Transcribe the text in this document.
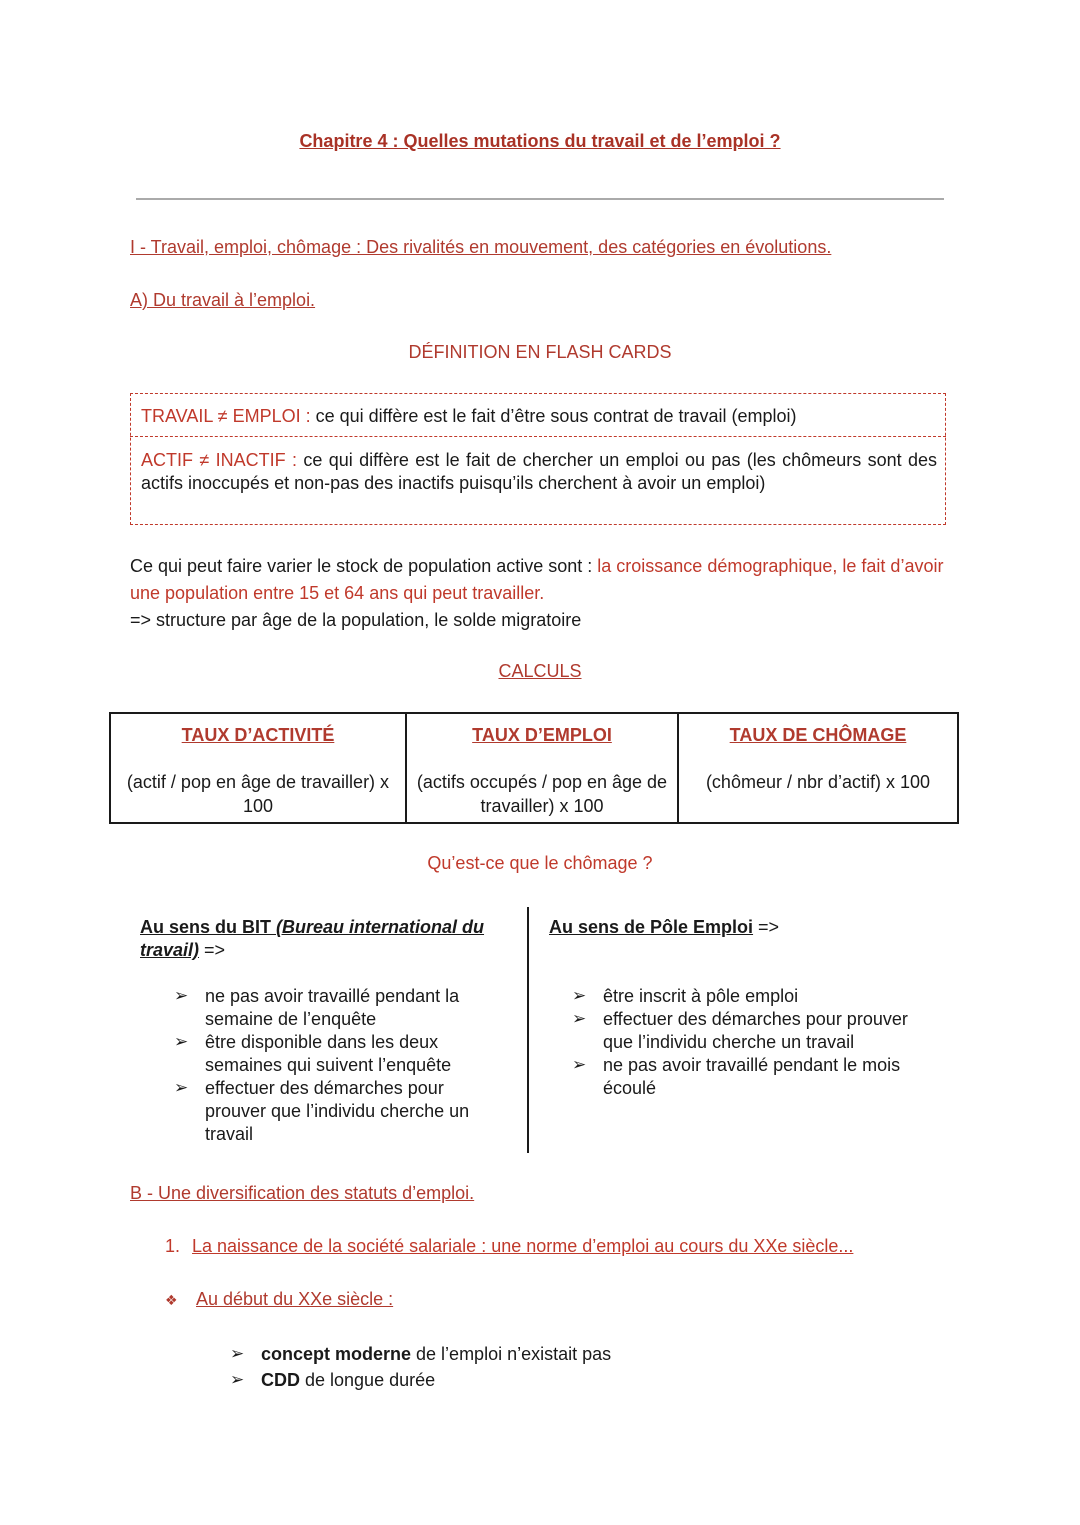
Chapitre 4 : Quelles mutations du travail et de l’emploi ?
I - Travail, emploi, chômage : Des rivalités en mouvement, des catégories en évolutions.
A) Du travail à l’emploi.
DÉFINITION EN FLASH CARDS
TRAVAIL ≠ EMPLOI : ce qui diffère est le fait d’être sous contrat de travail (emploi)
ACTIF ≠ INACTIF : ce qui diffère est le fait de chercher un emploi ou pas (les chômeurs sont des actifs inoccupés et non-pas des inactifs puisqu’ils cherchent à avoir un emploi)
Ce qui peut faire varier le stock de population active sont : la croissance démographique, le fait d’avoir une population entre 15 et 64 ans qui peut travailler.
=> structure par âge de la population, le solde migratoire
CALCULS
TAUX D’ACTIVITÉ
(actif / pop en âge de travailler) x 100
TAUX D’EMPLOI
(actifs occupés / pop en âge de travailler) x 100
TAUX DE CHÔMAGE
(chômeur / nbr d’actif) x 100
Qu’est-ce que le chômage ?
Au sens du BIT (Bureau international du travail) =>
➢ ne pas avoir travaillé pendant la semaine de l’enquête
➢ être disponible dans les deux semaines qui suivent l’enquête
➢ effectuer des démarches pour prouver que l’individu cherche un travail
Au sens de Pôle Emploi =>
➢ être inscrit à pôle emploi
➢ effectuer des démarches pour prouver que l’individu cherche un travail
➢ ne pas avoir travaillé pendant le mois écoulé
B - Une diversification des statuts d’emploi.
1. La naissance de la société salariale : une norme d’emploi au cours du XXe siècle...
❖ Au début du XXe siècle :
➢ concept moderne de l’emploi n’existait pas
➢ CDD de longue durée
